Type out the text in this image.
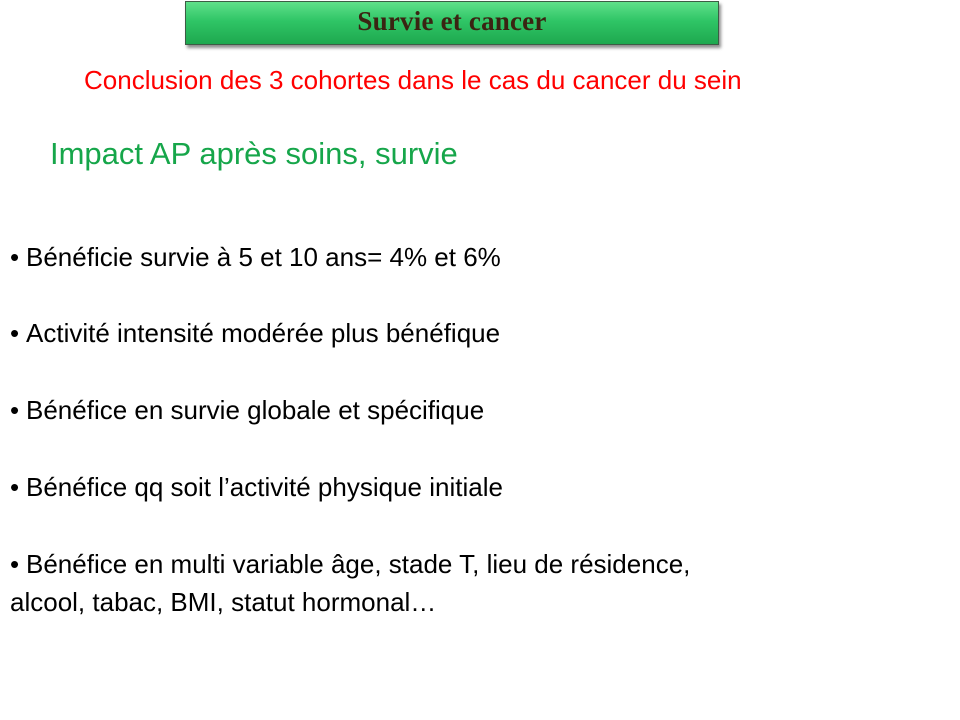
Survie et cancer
Conclusion des 3 cohortes dans le cas du cancer du sein
Impact AP après soins, survie
• Bénéficie survie à 5 et 10 ans= 4% et 6%
• Activité intensité modérée plus bénéfique
• Bénéfice en survie globale et spécifique
• Bénéfice qq soit l’activité physique initiale
• Bénéfice en multi variable âge, stade T, lieu de résidence,
alcool, tabac, BMI, statut hormonal…
